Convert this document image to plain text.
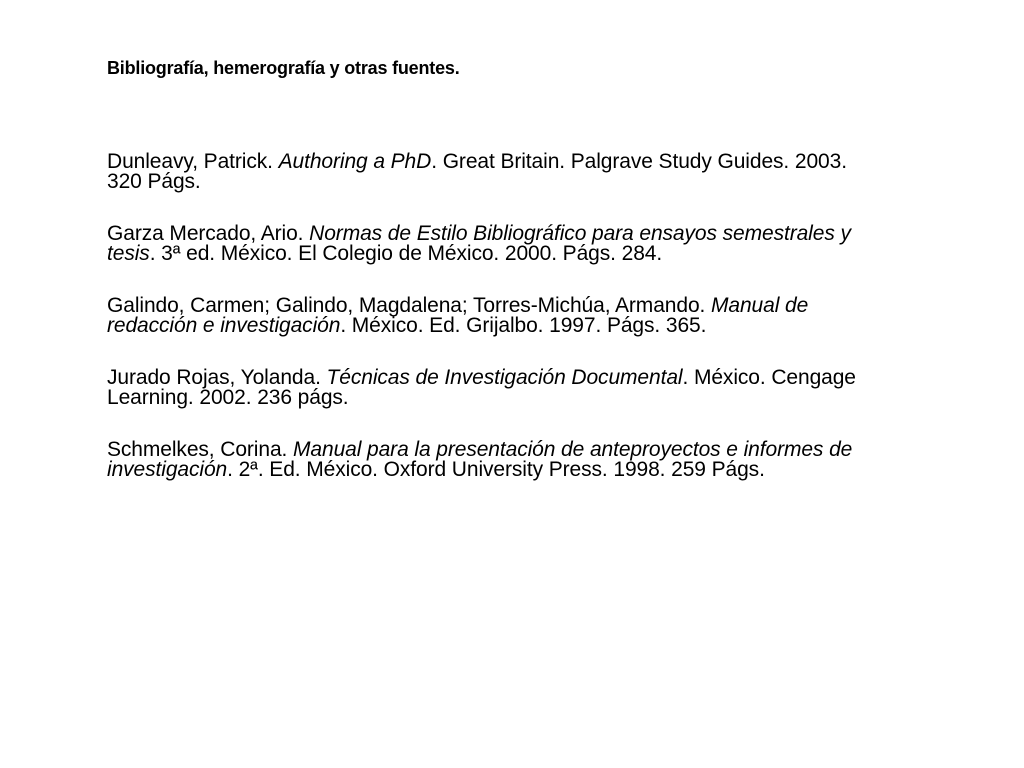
Bibliografía, hemerografía y otras fuentes.
Dunleavy, Patrick. Authoring a PhD. Great Britain. Palgrave Study Guides. 2003. 320 Págs.
Garza Mercado, Ario. Normas de Estilo Bibliográfico para ensayos semestrales y tesis. 3ª ed. México. El Colegio de México. 2000. Págs. 284.
Galindo, Carmen; Galindo, Magdalena; Torres-Michúa, Armando. Manual de redacción e investigación. México. Ed. Grijalbo. 1997. Págs. 365.
Jurado Rojas, Yolanda. Técnicas de Investigación Documental. México. Cengage Learning. 2002. 236 págs.
Schmelkes, Corina. Manual para la presentación de anteproyectos e informes de investigación. 2ª. Ed. México. Oxford University Press. 1998. 259 Págs.
